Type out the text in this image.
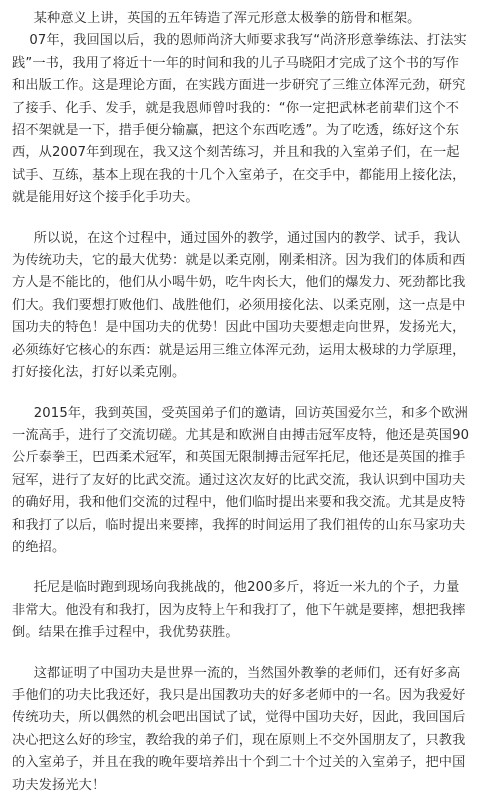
某种意义上讲，英国的五年铸造了浑元形意太极拳的筋骨和框架。

07年，我回国以后，我的恩师尚济大师要求我写“尚济形意拳练法、打法实践”一书，我用了将近十一年的时间和我的儿子马晓阳才完成了这个书的写作和出版工作。这是理论方面，在实践方面进一步研究了三维立体浑元劲，研究了接手、化手、发手，就是我恩师曾吋我的：“你一定把武林老前辈们这个不招不架就是一下，措手便分输赢，把这个东西吃透”。为了吃透，练好这个东西，从2007年到现在，我又这个刻苦练习，并且和我的入室弟子们，在一起试手、互练，基本上现在我的十几个入室弟子，在交手中，都能用上接化法，就是能用好这个接手化手功夫。

所以说，在这个过程中，通过国外的教学，通过国内的教学、试手，我认为传统功夫，它的最大优势：就是以柔克刚，刚柔相济。因为我们的体质和西方人是不能比的，他们从小喝牛奶，吃牛肉长大，他们的爆发力、死劲都比我们大。我们要想打败他们、战胜他们，必须用接化法、以柔克刚，这一点是中国功夫的特色！是中国功夫的优势！因此中国功夫要想走向世界，发扬光大，必须练好它核心的东西：就是运用三维立体浑元劲，运用太极球的力学原理，打好接化法，打好以柔克刚。

2015年，我到英国，受英国弟子们的邀请，回访英国爱尔兰，和多个欧洲一流高手，进行了交流切磋。尤其是和欧洲自由搏击冠军皮特，他还是英国90公斤泰拳王，巴西柔术冠军，和英国无限制搏击冠军托尼，他还是英国的推手冠军，进行了友好的比武交流。通过这次友好的比武交流，我认识到中国功夫的确好用，我和他们交流的过程中，他们临时提出来要和我交流。尤其是皮特和我打了以后，临时提出来要摔，我挥的时间运用了我们祖传的山东马家功夫的绝招。

托尼是临时跑到现场向我挑战的，他200多斤，将近一米九的个子，力量非常大。他没有和我打，因为皮特上午和我打了，他下午就是要摔，想把我摔倒。结果在推手过程中，我优势获胜。

这都证明了中国功夫是世界一流的，当然国外教拳的老师们，还有好多高手他们的功夫比我还好，我只是出国教功夫的好多老师中的一名。因为我爱好传统功夫，所以偶然的机会吧出国试了试，觉得中国功夫好，因此，我回国后决心把这么好的珍宝，教给我的弟子们，现在原则上不交外国朋友了，只教我的入室弟子，并且在我的晚年要培养出十个到二十个过关的入室弟子，把中国功夫发扬光大！
